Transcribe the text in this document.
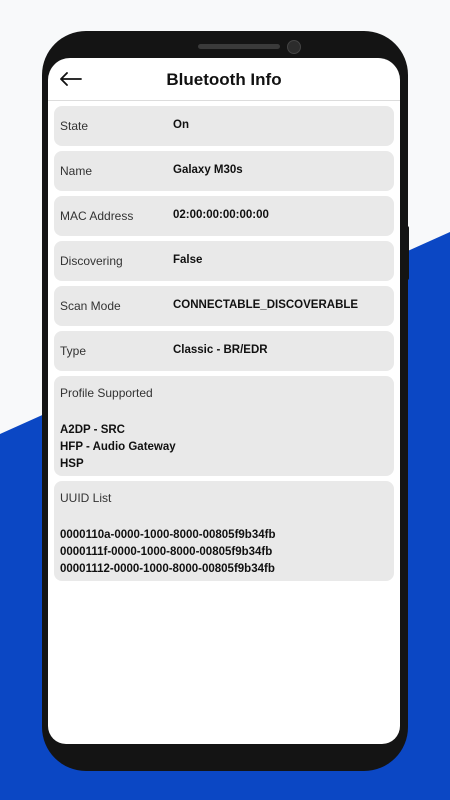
Bluetooth Info
State	On
Name	Galaxy M30s
MAC Address	02:00:00:00:00:00
Discovering	False
Scan Mode	CONNECTABLE_DISCOVERABLE
Type	Classic - BR/EDR
Profile Supported
A2DP - SRC
HFP - Audio Gateway
HSP
UUID List
0000110a-0000-1000-8000-00805f9b34fb
0000111f-0000-1000-8000-00805f9b34fb
00001112-0000-1000-8000-00805f9b34fb
